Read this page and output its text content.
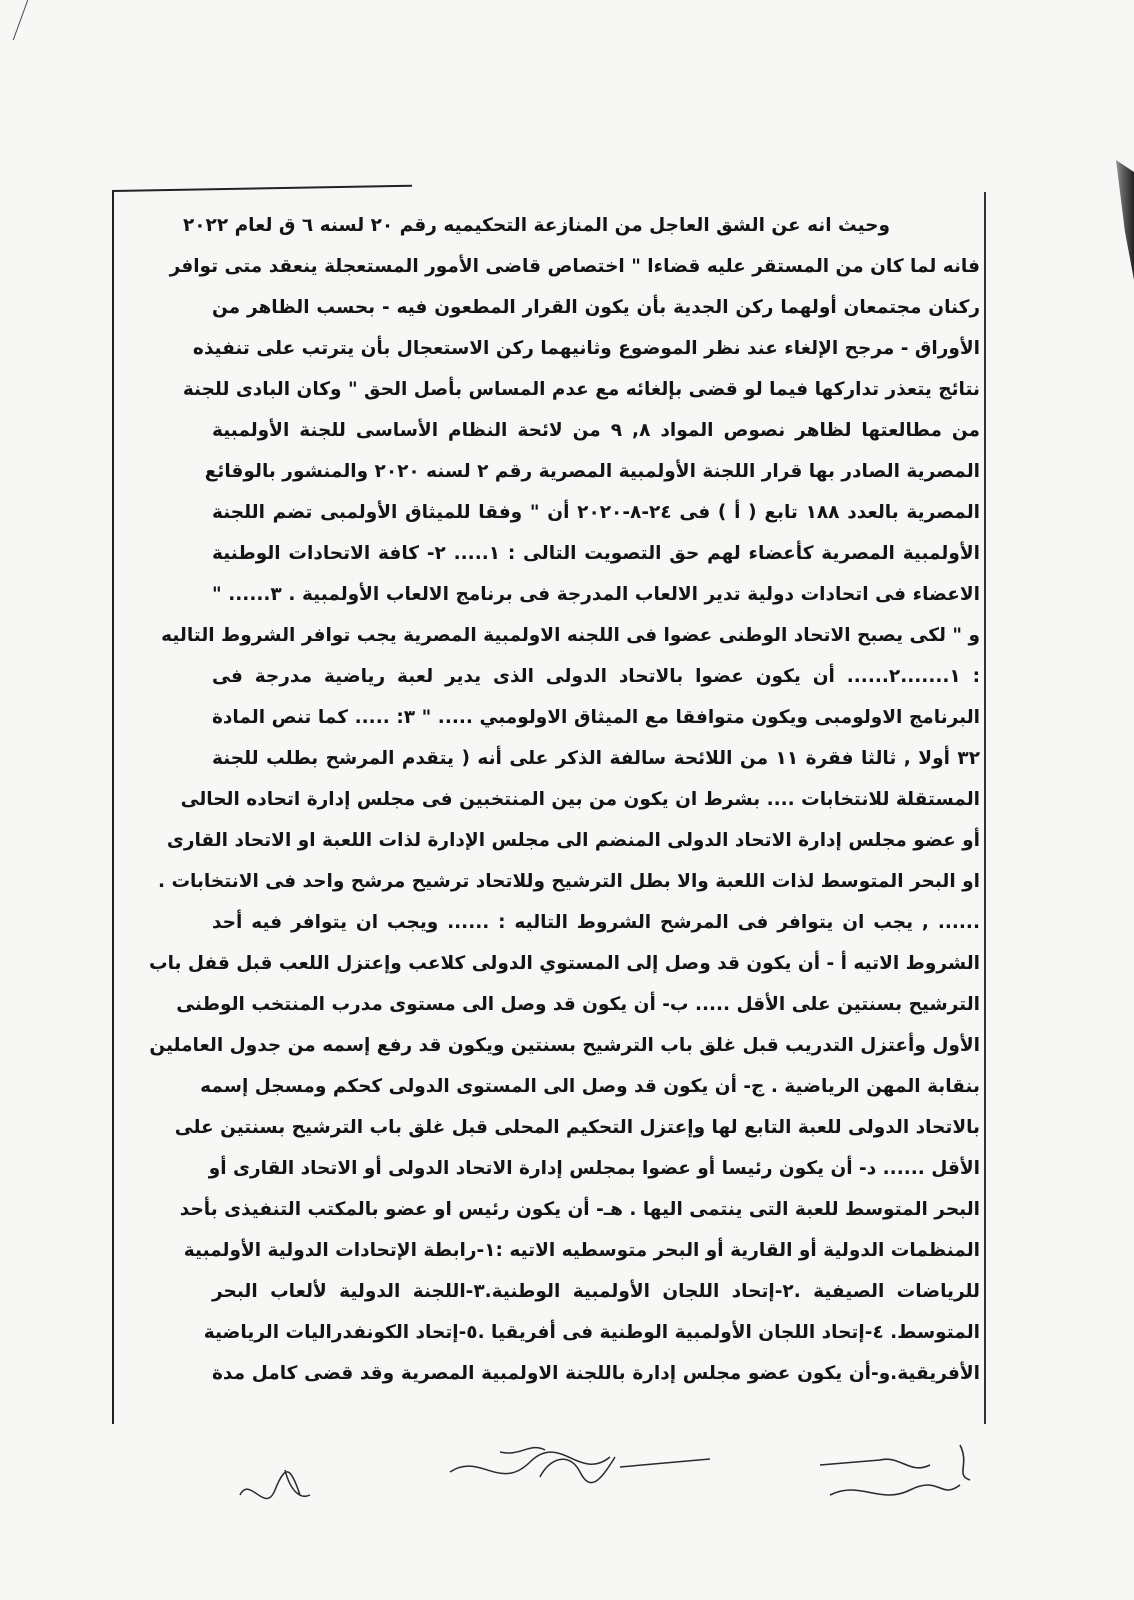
وحيث انه عن الشق العاجل من المنازعة التحكيميه رقم ٢٠ لسنه ٦ ق لعام ٢٠٢٢
فانه لما كان من المستقر عليه قضاءا " اختصاص قاضى الأمور المستعجلة ينعقد متى توافر
ركنان مجتمعان أولهما ركن الجدية بأن يكون القرار المطعون فيه - بحسب الظاهر من
الأوراق - مرجح الإلغاء عند نظر الموضوع وثانيهما ركن الاستعجال بأن يترتب على تنفيذه
نتائج يتعذر تداركها فيما لو قضى بإلغائه مع عدم المساس بأصل الحق " وكان البادى للجنة
من مطالعتها لظاهر نصوص المواد ٨, ٩ من لائحة النظام الأساسى للجنة الأولمبية
المصرية الصادر بها قرار اللجنة الأولمبية المصرية رقم ٢ لسنه ٢٠٢٠ والمنشور بالوقائع
المصرية بالعدد ١٨٨ تابع ( أ ) فى ٢٤-٨-٢٠٢٠ أن " وفقا للميثاق الأولمبى تضم اللجنة
الأولمبية المصرية كأعضاء لهم حق التصويت التالى : ١..... ٢- كافة الاتحادات الوطنية
الاعضاء فى اتحادات دولية تدير الالعاب المدرجة فى برنامج الالعاب الأولمبية . ٣...... "
و " لكى يصبح الاتحاد الوطنى عضوا فى اللجنه الاولمبية المصرية يجب توافر الشروط التاليه
: ١.......٢...... أن يكون عضوا بالاتحاد الدولى الذى يدير لعبة رياضية مدرجة فى
البرنامج الاولومبى ويكون متوافقا مع الميثاق الاولومبي ..... " ٣: ..... كما تنص المادة
٣٢ أولا , ثالثا فقرة ١١ من اللائحة سالفة الذكر على أنه ( يتقدم المرشح بطلب للجنة
المستقلة للانتخابات .... بشرط ان يكون من بين المنتخبين فى مجلس إدارة اتحاده الحالى
أو عضو مجلس إدارة الاتحاد الدولى المنضم الى مجلس الإدارة لذات اللعبة او الاتحاد القارى
او البحر المتوسط لذات اللعبة والا بطل الترشيح وللاتحاد ترشيح مرشح واحد فى الانتخابات .
...... , يجب ان يتوافر فى المرشح الشروط التاليه : ...... ويجب ان يتوافر فيه أحد
الشروط الاتيه أ - أن يكون قد وصل إلى المستوي الدولى كلاعب وإعتزل اللعب قبل قفل باب
الترشيح بسنتين على الأقل ..... ب- أن يكون قد وصل الى مستوى مدرب المنتخب الوطنى
الأول وأعتزل التدريب قبل غلق باب الترشيح بسنتين ويكون قد رفع إسمه من جدول العاملين
بنقابة المهن الرياضية . ج- أن يكون قد وصل الى المستوى الدولى كحكم ومسجل إسمه
بالاتحاد الدولى للعبة التابع لها وإعتزل التحكيم المحلى قبل غلق باب الترشيح بسنتين على
الأقل ...... د- أن يكون رئيسا أو عضوا بمجلس إدارة الاتحاد الدولى أو الاتحاد القارى أو
البحر المتوسط للعبة التى ينتمى اليها . هـ- أن يكون رئيس او عضو بالمكتب التنفيذى بأحد
المنظمات الدولية أو القارية أو البحر متوسطيه الاتيه :١-رابطة الإتحادات الدولية الأولمبية
للرياضات الصيفية .٢-إتحاد اللجان الأولمبية الوطنية.٣-اللجنة الدولية لألعاب البحر
المتوسط. ٤-إتحاد اللجان الأولمبية الوطنية فى أفريقيا .٥-إتحاد الكونفدراليات الرياضية
الأفريقية.و-أن يكون عضو مجلس إدارة باللجنة الاولمبية المصرية وقد قضى كامل مدة
